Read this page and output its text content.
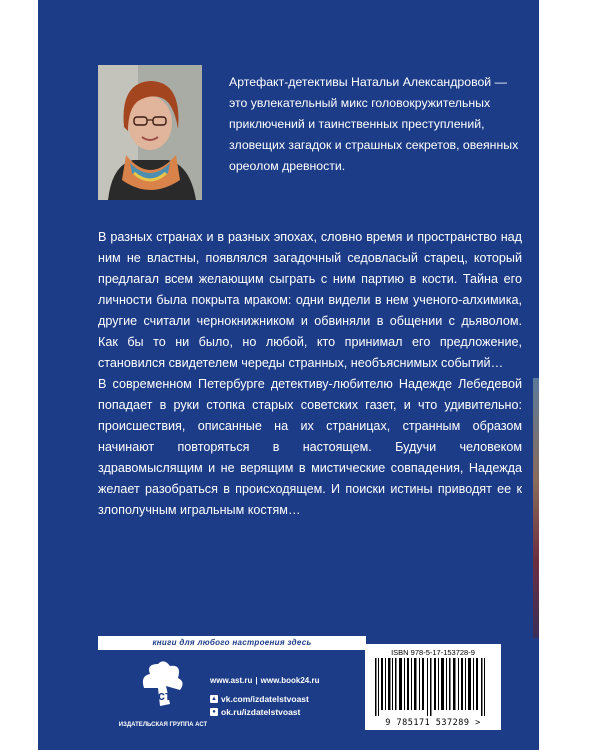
Артефакт-детективы Натальи Александровой — это увлекательный микс головокружительных приключений и таинственных преступлений, зловещих загадок и страшных секретов, овеянных ореолом древности.

В разных странах и в разных эпохах, словно время и пространство над ним не властны, появлялся загадочный седовласый старец, который предлагал всем желающим сыграть с ним партию в кости. Тайна его личности была покрыта мраком: одни видели в нем ученого-алхимика, другие считали чернокнижником и обвиняли в общении с дьяволом. Как бы то ни было, но любой, кто принимал его предложение, становился свидетелем череды странных, необъяснимых событий…

В современном Петербурге детективу-любителю Надежде Лебедевой попадает в руки стопка старых советских газет, и что удивительно: происшествия, описанные на их страницах, странным образом начинают повторяться в настоящем. Будучи человеком здравомыслящим и не верящим в мистические совпадения, Надежда желает разобраться в происходящем. И поиски истины приводят ее к злополучным игральным костям…

книги для любого настроения здесь
аст
ИЗДАТЕЛЬСКАЯ ГРУППА АСТ
www.ast.ru | www.book24.ru
▲ vk.com/izdatelstvoast
● ok.ru/izdatelstvoast
ISBN 978-5-17-153728-9
9 785171 537289 >
